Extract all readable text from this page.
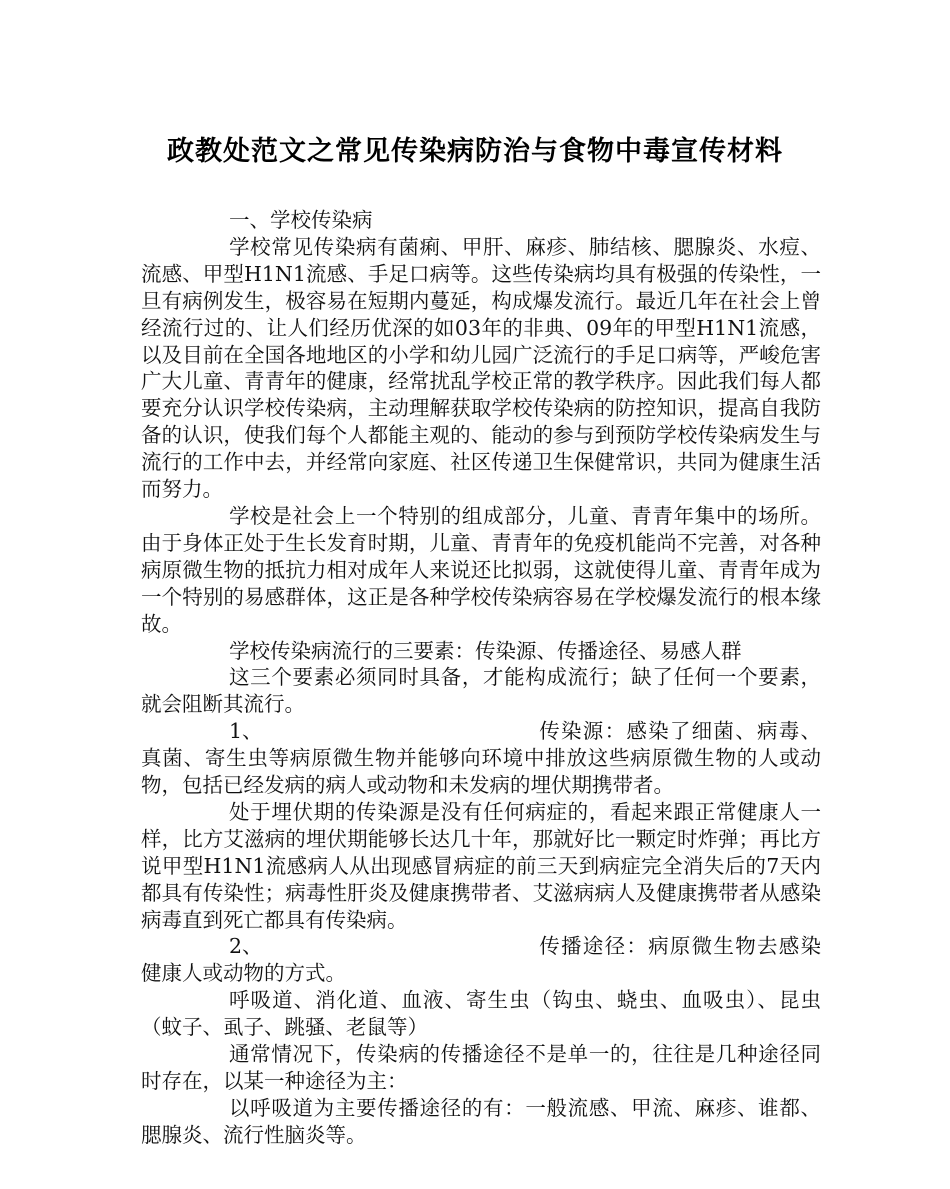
政教处范文之常见传染病防治与食物中毒宣传材料

一、学校传染病

学校常见传染病有菌痢、甲肝、麻疹、肺结核、腮腺炎、水痘、流感、甲型H1N1流感、手足口病等。这些传染病均具有极强的传染性，一旦有病例发生，极容易在短期内蔓延，构成爆发流行。最近几年在社会上曾经流行过的、让人们经历优深的如03年的非典、09年的甲型H1N1流感，以及目前在全国各地地区的小学和幼儿园广泛流行的手足口病等，严峻危害广大儿童、青青年的健康，经常扰乱学校正常的教学秩序。因此我们每人都要充分认识学校传染病，主动理解获取学校传染病的防控知识，提高自我防备的认识，使我们每个人都能主观的、能动的参与到预防学校传染病发生与流行的工作中去，并经常向家庭、社区传递卫生保健常识，共同为健康生活而努力。

学校是社会上一个特别的组成部分，儿童、青青年集中的场所。由于身体正处于生长发育时期，儿童、青青年的免疫机能尚不完善，对各种病原微生物的抵抗力相对成年人来说还比拟弱，这就使得儿童、青青年成为一个特别的易感群体，这正是各种学校传染病容易在学校爆发流行的根本缘故。

学校传染病流行的三要素：传染源、传播途径、易感人群

这三个要素必须同时具备，才能构成流行；缺了任何一个要素，就会阻断其流行。

1、	传染源：感染了细菌、病毒、真菌、寄生虫等病原微生物并能够向环境中排放这些病原微生物的人或动物，包括已经发病的病人或动物和未发病的埋伏期携带者。

处于埋伏期的传染源是没有任何病症的，看起来跟正常健康人一样，比方艾滋病的埋伏期能够长达几十年，那就好比一颗定时炸弹；再比方说甲型H1N1流感病人从出现感冒病症的前三天到病症完全消失后的7天内都具有传染性；病毒性肝炎及健康携带者、艾滋病病人及健康携带者从感染病毒直到死亡都具有传染病。

2、	传播途径：病原微生物去感染健康人或动物的方式。

呼吸道、消化道、血液、寄生虫（钩虫、蛲虫、血吸虫）、昆虫（蚊子、虱子、跳骚、老鼠等）

通常情况下，传染病的传播途径不是单一的，往往是几种途径同时存在，以某一种途径为主：

以呼吸道为主要传播途径的有：一般流感、甲流、麻疹、谁都、腮腺炎、流行性脑炎等。
